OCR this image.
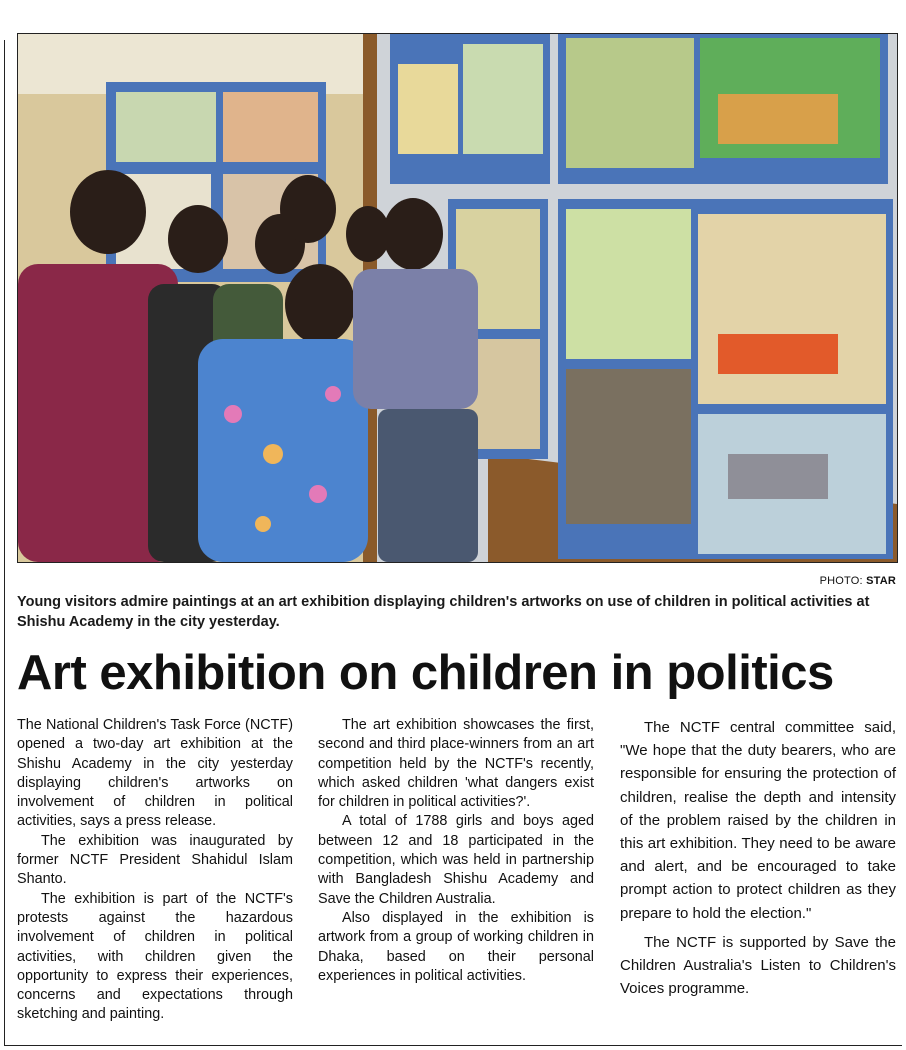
PHOTO: STAR
Young visitors admire paintings at an art exhibition displaying children's artworks on use of children in political activities at Shishu Academy in the city yesterday.
Art exhibition on children in politics

The National Children's Task Force (NCTF) opened a two-day art exhibition at the Shishu Academy in the city yesterday displaying children's artworks on involvement of children in political activities, says a press release.

The exhibition was inaugurated by former NCTF President Shahidul Islam Shanto.

The exhibition is part of the NCTF's protests against the hazardous involvement of children in political activities, with children given the opportunity to express their experiences, concerns and expectations through sketching and painting.

The art exhibition showcases the first, second and third place-winners from an art competition held by the NCTF's recently, which asked children 'what dangers exist for children in political activities?'.

A total of 1788 girls and boys aged between 12 and 18 participated in the competition, which was held in partnership with Bangladesh Shishu Academy and Save the Children Australia.

Also displayed in the exhibition is artwork from a group of working children in Dhaka, based on their personal experiences in political activities.

The NCTF central committee said, "We hope that the duty bearers, who are responsible for ensuring the protection of children, realise the depth and intensity of the problem raised by the children in this art exhibition. They need to be aware and alert, and be encouraged to take prompt action to protect children as they prepare to hold the election."

The NCTF is supported by Save the Children Australia's Listen to Children's Voices programme.
